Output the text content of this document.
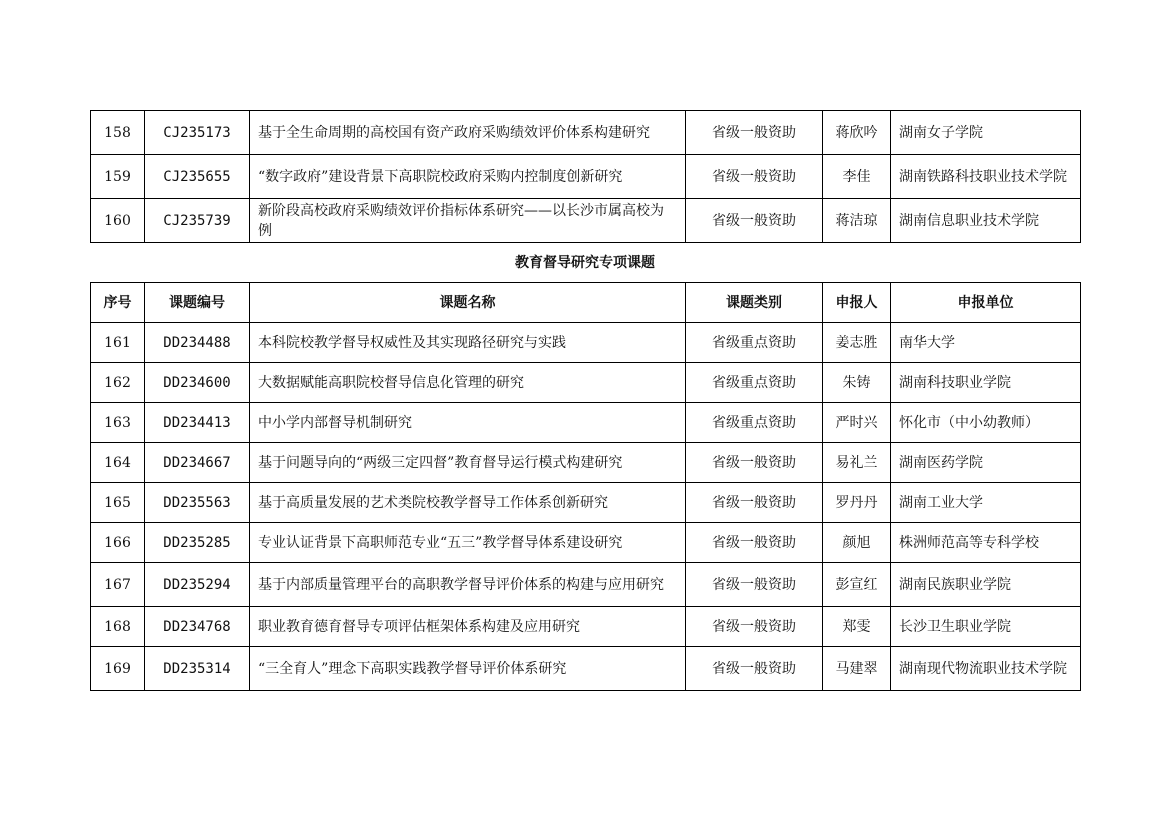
158	CJ235173	基于全生命周期的高校国有资产政府采购绩效评价体系构建研究	省级一般资助	蒋欣吟	湖南女子学院
159	CJ235655	“数字政府”建设背景下高职院校政府采购内控制度创新研究	省级一般资助	李佳	湖南铁路科技职业技术学院
160	CJ235739	新阶段高校政府采购绩效评价指标体系研究——以长沙市属高校为例	省级一般资助	蒋洁琼	湖南信息职业技术学院
教育督导研究专项课题
序号	课题编号	课题名称	课题类别	申报人	申报单位
161	DD234488	本科院校教学督导权威性及其实现路径研究与实践	省级重点资助	姜志胜	南华大学
162	DD234600	大数据赋能高职院校督导信息化管理的研究	省级重点资助	朱铸	湖南科技职业学院
163	DD234413	中小学内部督导机制研究	省级重点资助	严时兴	怀化市（中小幼教师）
164	DD234667	基于问题导向的“两级三定四督”教育督导运行模式构建研究	省级一般资助	易礼兰	湖南医药学院
165	DD235563	基于高质量发展的艺术类院校教学督导工作体系创新研究	省级一般资助	罗丹丹	湖南工业大学
166	DD235285	专业认证背景下高职师范专业“五三”教学督导体系建设研究	省级一般资助	颜旭	株洲师范高等专科学校
167	DD235294	基于内部质量管理平台的高职教学督导评价体系的构建与应用研究	省级一般资助	彭宣红	湖南民族职业学院
168	DD234768	职业教育德育督导专项评估框架体系构建及应用研究	省级一般资助	郑雯	长沙卫生职业学院
169	DD235314	“三全育人”理念下高职实践教学督导评价体系研究	省级一般资助	马建翠	湖南现代物流职业技术学院
